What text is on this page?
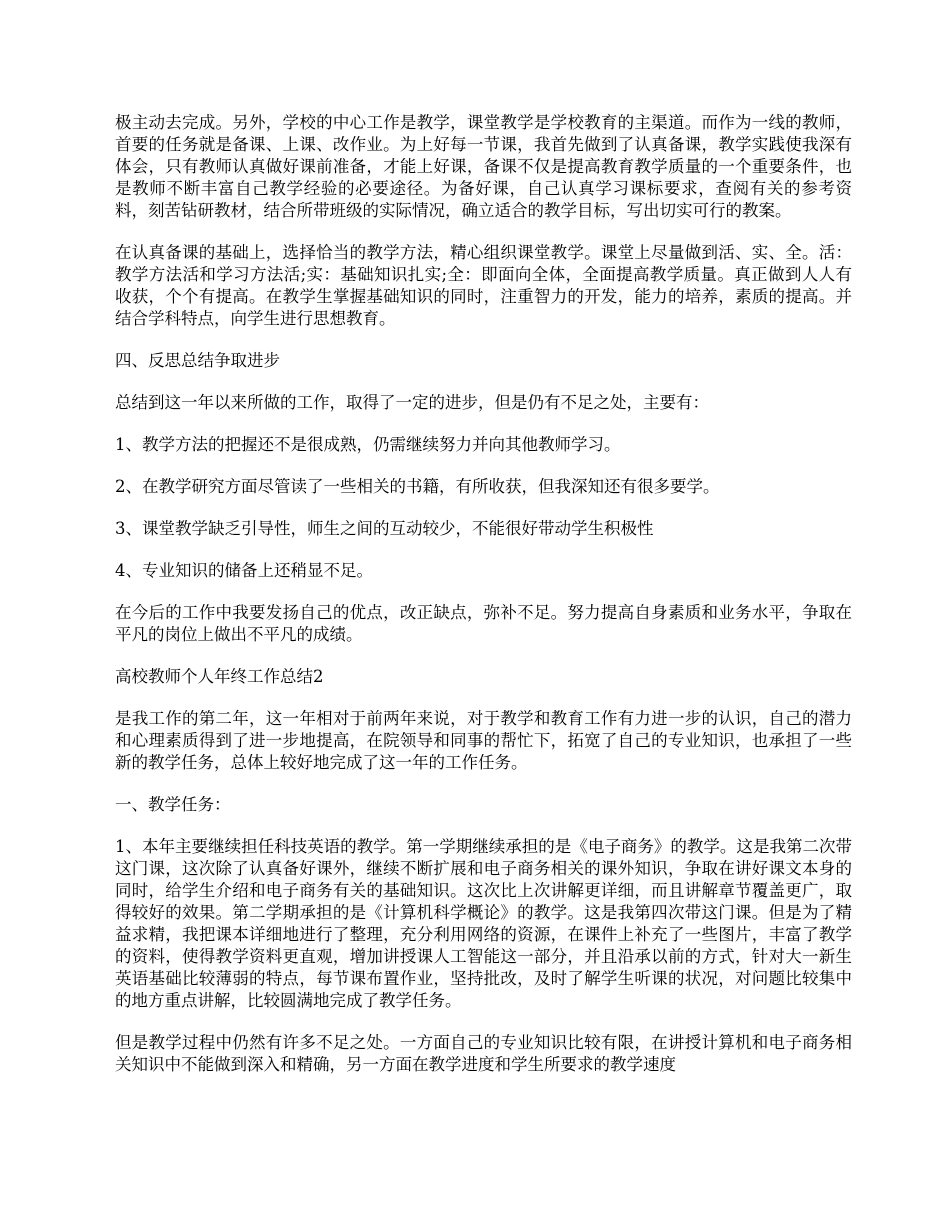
极主动去完成。另外，学校的中心工作是教学，课堂教学是学校教育的主渠道。而作为一线的教师，首要的任务就是备课、上课、改作业。为上好每一节课，我首先做到了认真备课，教学实践使我深有体会，只有教师认真做好课前准备，才能上好课，备课不仅是提高教育教学质量的一个重要条件，也是教师不断丰富自己教学经验的必要途径。为备好课，自己认真学习课标要求，查阅有关的参考资料，刻苦钻研教材，结合所带班级的实际情况，确立适合的教学目标，写出切实可行的教案。

在认真备课的基础上，选择恰当的教学方法，精心组织课堂教学。课堂上尽量做到活、实、全。活：教学方法活和学习方法活;实：基础知识扎实;全：即面向全体，全面提高教学质量。真正做到人人有收获，个个有提高。在教学生掌握基础知识的同时，注重智力的开发，能力的培养，素质的提高。并结合学科特点，向学生进行思想教育。

四、反思总结争取进步

总结到这一年以来所做的工作，取得了一定的进步，但是仍有不足之处，主要有：

1、教学方法的把握还不是很成熟，仍需继续努力并向其他教师学习。

2、在教学研究方面尽管读了一些相关的书籍，有所收获，但我深知还有很多要学。

3、课堂教学缺乏引导性，师生之间的互动较少，不能很好带动学生积极性

4、专业知识的储备上还稍显不足。

在今后的工作中我要发扬自己的优点，改正缺点，弥补不足。努力提高自身素质和业务水平，争取在平凡的岗位上做出不平凡的成绩。

高校教师个人年终工作总结2

是我工作的第二年，这一年相对于前两年来说，对于教学和教育工作有力进一步的认识，自己的潜力和心理素质得到了进一步地提高，在院领导和同事的帮忙下，拓宽了自己的专业知识，也承担了一些新的教学任务，总体上较好地完成了这一年的工作任务。

一、教学任务：

1、本年主要继续担任科技英语的教学。第一学期继续承担的是《电子商务》的教学。这是我第二次带这门课，这次除了认真备好课外，继续不断扩展和电子商务相关的课外知识，争取在讲好课文本身的同时，给学生介绍和电子商务有关的基础知识。这次比上次讲解更详细，而且讲解章节覆盖更广，取得较好的效果。第二学期承担的是《计算机科学概论》的教学。这是我第四次带这门课。但是为了精益求精，我把课本详细地进行了整理，充分利用网络的资源，在课件上补充了一些图片，丰富了教学的资料，使得教学资料更直观，增加讲授课人工智能这一部分，并且沿承以前的方式，针对大一新生英语基础比较薄弱的特点，每节课布置作业，坚持批改，及时了解学生听课的状况，对问题比较集中的地方重点讲解，比较圆满地完成了教学任务。

但是教学过程中仍然有许多不足之处。一方面自己的专业知识比较有限，在讲授计算机和电子商务相关知识中不能做到深入和精确，另一方面在教学进度和学生所要求的教学速度
